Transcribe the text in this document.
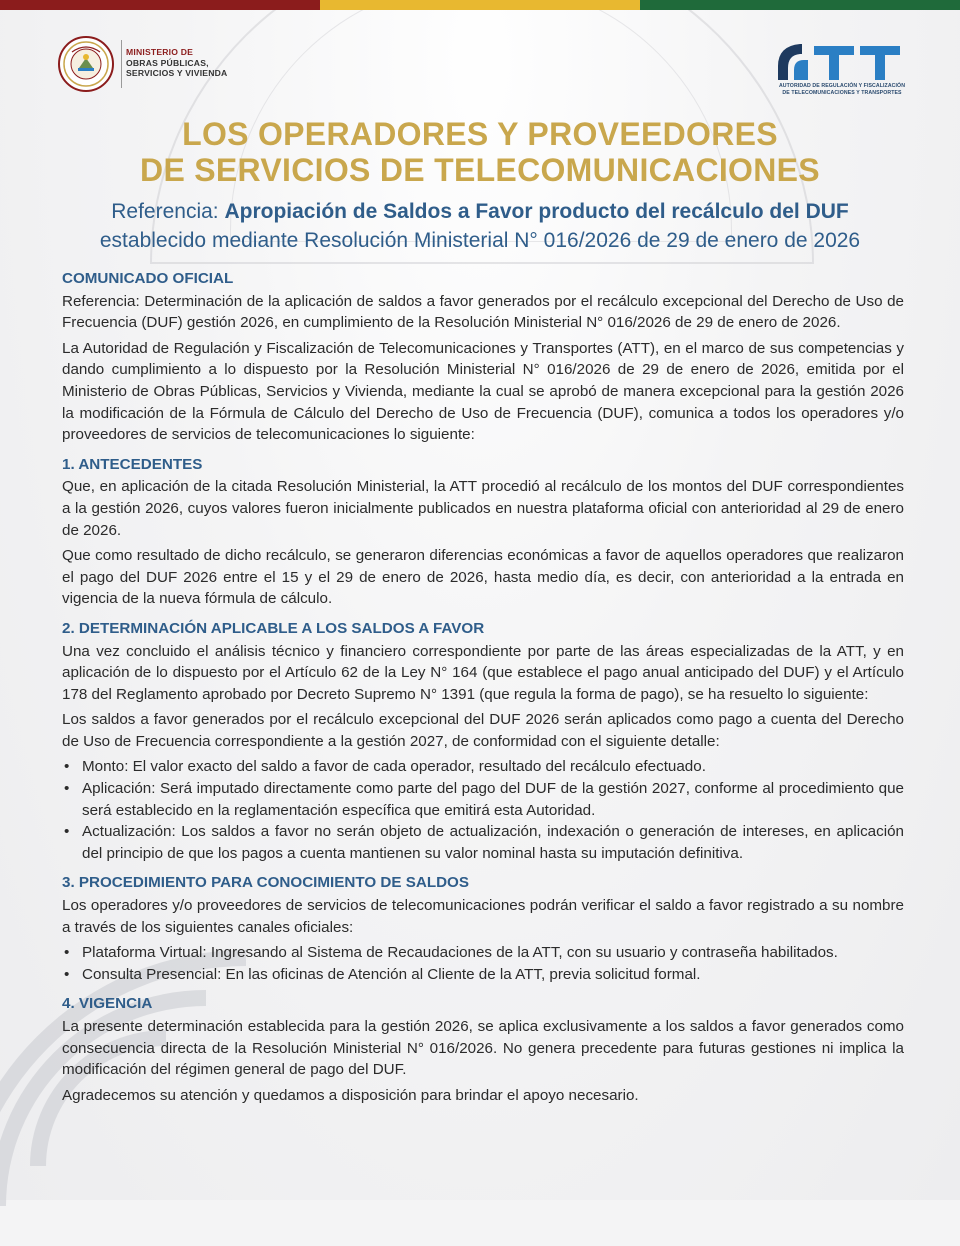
MINISTERIO DE
OBRAS PÚBLICAS,
SERVICIOS Y VIVIENDA
AUTORIDAD DE REGULACIÓN Y FISCALIZACIÓN
DE TELECOMUNICACIONES Y TRANSPORTES
LOS OPERADORES Y PROVEEDORES
DE SERVICIOS DE TELECOMUNICACIONES
Referencia: Apropiación de Saldos a Favor producto del recálculo del DUF
establecido mediante Resolución Ministerial N° 016/2026 de 29 de enero de 2026
COMUNICADO OFICIAL

Referencia: Determinación de la aplicación de saldos a favor generados por el recálculo excepcional del Derecho de Uso de Frecuencia (DUF) gestión 2026, en cumplimiento de la Resolución Ministerial N° 016/2026 de 29 de enero de 2026.

La Autoridad de Regulación y Fiscalización de Telecomunicaciones y Transportes (ATT), en el marco de sus competencias y dando cumplimiento a lo dispuesto por la Resolución Ministerial N° 016/2026 de 29 de enero de 2026, emitida por el Ministerio de Obras Públicas, Servicios y Vivienda, mediante la cual se aprobó de manera excepcional para la gestión 2026 la modificación de la Fórmula de Cálculo del Derecho de Uso de Frecuencia (DUF), comunica a todos los operadores y/o proveedores de servicios de telecomunicaciones lo siguiente:

1. ANTECEDENTES

Que, en aplicación de la citada Resolución Ministerial, la ATT procedió al recálculo de los montos del DUF correspondientes a la gestión 2026, cuyos valores fueron inicialmente publicados en nuestra plataforma oficial con anterioridad al 29 de enero de 2026.

Que como resultado de dicho recálculo, se generaron diferencias económicas a favor de aquellos operadores que realizaron el pago del DUF 2026 entre el 15 y el 29 de enero de 2026, hasta medio día, es decir, con anterioridad a la entrada en vigencia de la nueva fórmula de cálculo.

2. DETERMINACIÓN APLICABLE A LOS SALDOS A FAVOR

Una vez concluido el análisis técnico y financiero correspondiente por parte de las áreas especializadas de la ATT, y en aplicación de lo dispuesto por el Artículo 62 de la Ley N° 164 (que establece el pago anual anticipado del DUF) y el Artículo 178 del Reglamento aprobado por Decreto Supremo N° 1391 (que regula la forma de pago), se ha resuelto lo siguiente:

Los saldos a favor generados por el recálculo excepcional del DUF 2026 serán aplicados como pago a cuenta del Derecho de Uso de Frecuencia correspondiente a la gestión 2027, de conformidad con el siguiente detalle:

• Monto: El valor exacto del saldo a favor de cada operador, resultado del recálculo efectuado.
• Aplicación: Será imputado directamente como parte del pago del DUF de la gestión 2027, conforme al procedimiento que será establecido en la reglamentación específica que emitirá esta Autoridad.
• Actualización: Los saldos a favor no serán objeto de actualización, indexación o generación de intereses, en aplicación del principio de que los pagos a cuenta mantienen su valor nominal hasta su imputación definitiva.
3. PROCEDIMIENTO PARA CONOCIMIENTO DE SALDOS

Los operadores y/o proveedores de servicios de telecomunicaciones podrán verificar el saldo a favor registrado a su nombre a través de los siguientes canales oficiales:

• Plataforma Virtual: Ingresando al Sistema de Recaudaciones de la ATT, con su usuario y contraseña habilitados.
• Consulta Presencial: En las oficinas de Atención al Cliente de la ATT, previa solicitud formal.
4. VIGENCIA

La presente determinación establecida para la gestión 2026, se aplica exclusivamente a los saldos a favor generados como consecuencia directa de la Resolución Ministerial N° 016/2026. No genera precedente para futuras gestiones ni implica la modificación del régimen general de pago del DUF.

Agradecemos su atención y quedamos a disposición para brindar el apoyo necesario.
